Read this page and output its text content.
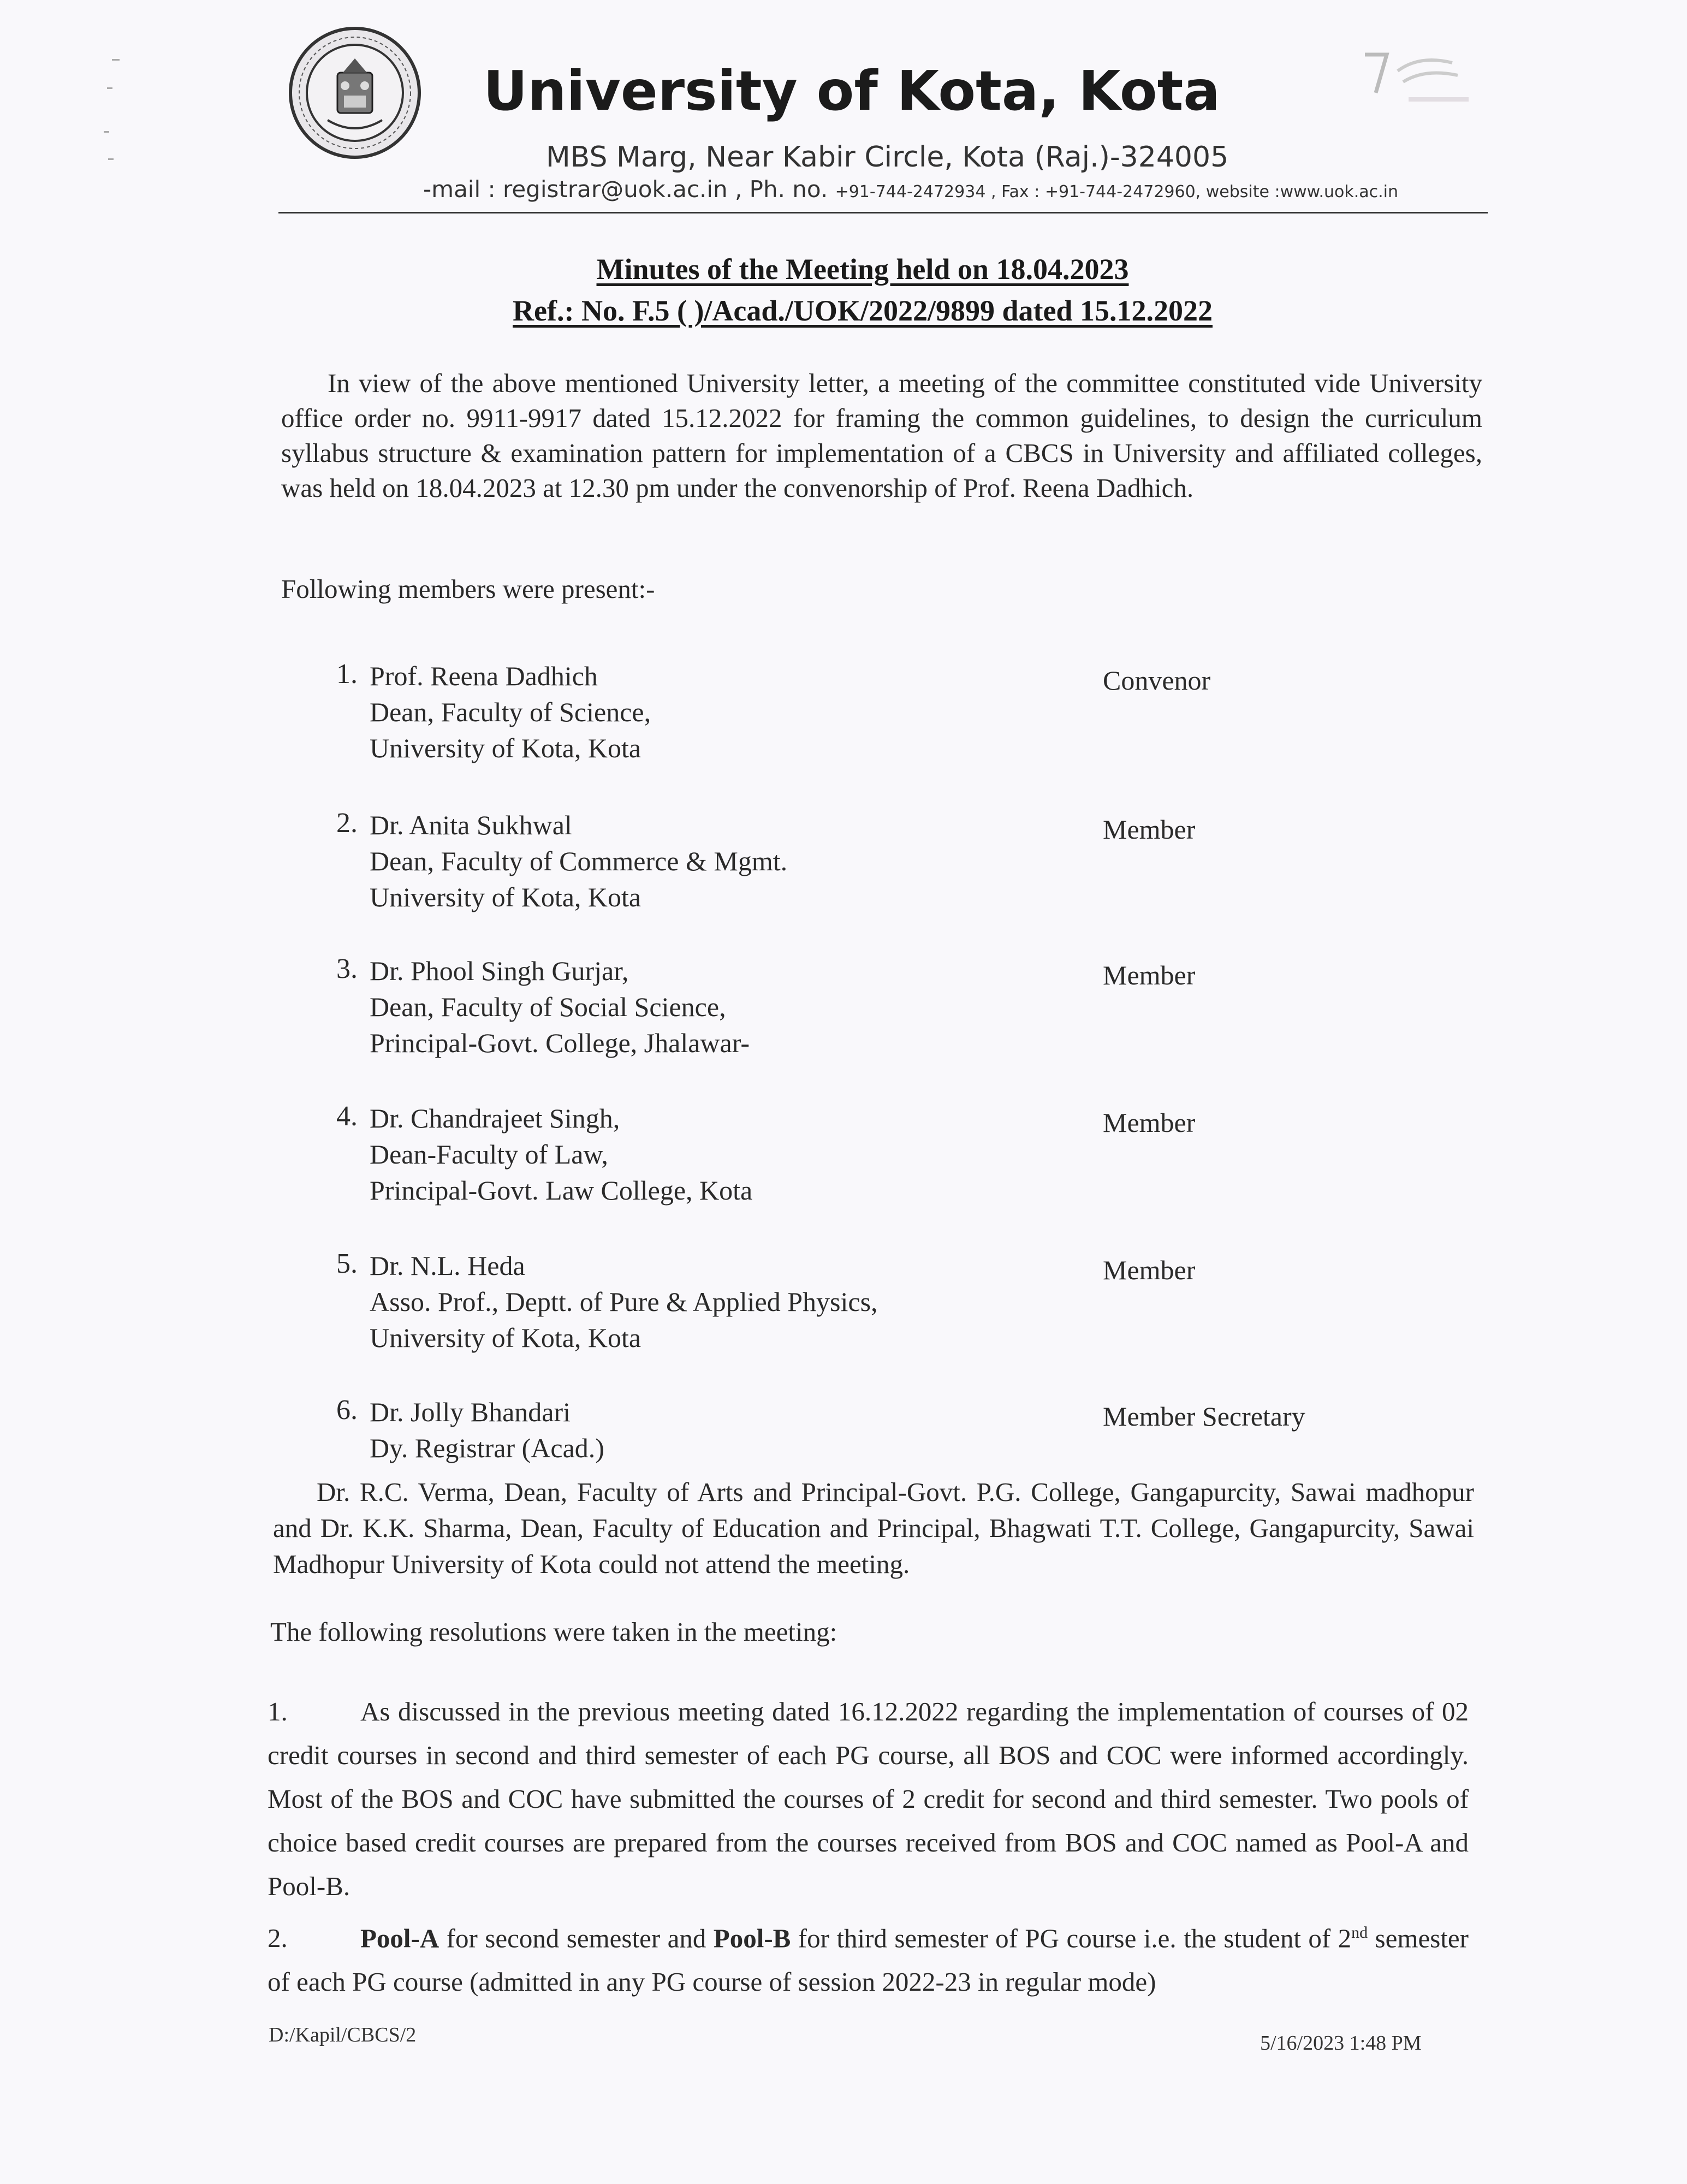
University of Kota, Kota
MBS Marg, Near Kabir Circle, Kota (Raj.)-324005
-mail : registrar@uok.ac.in , Ph. no. +91-744-2472934 , Fax : +91-744-2472960, website :www.uok.ac.in
Minutes of the Meeting held on 18.04.2023
Ref.: No. F.5 ( )/Acad./UOK/2022/9899 dated 15.12.2022
In view of the above mentioned University letter, a meeting of the committee constituted vide University office order no. 9911-9917 dated 15.12.2022 for framing the common guidelines, to design the curriculum syllabus structure & examination pattern for implementation of a CBCS in University and affiliated colleges, was held on 18.04.2023 at 12.30 pm under the convenorship of Prof. Reena Dadhich.
Following members were present:-
1. Prof. Reena Dadhich
Dean, Faculty of Science,
University of Kota, Kota
Convenor
2. Dr. Anita Sukhwal
Dean, Faculty of Commerce & Mgmt.
University of Kota, Kota
Member
3. Dr. Phool Singh Gurjar,
Dean, Faculty of Social Science,
Principal-Govt. College, Jhalawar-
Member
4. Dr. Chandrajeet Singh,
Dean-Faculty of Law,
Principal-Govt. Law College, Kota
Member
5. Dr. N.L. Heda
Asso. Prof., Deptt. of Pure & Applied Physics,
University of Kota, Kota
Member
6. Dr. Jolly Bhandari
Dy. Registrar (Acad.)
Member Secretary
Dr. R.C. Verma, Dean, Faculty of Arts and Principal-Govt. P.G. College, Gangapurcity, Sawai madhopur and Dr. K.K. Sharma, Dean, Faculty of Education and Principal, Bhagwati T.T. College, Gangapurcity, Sawai Madhopur University of Kota could not attend the meeting.
The following resolutions were taken in the meeting:
1.	As discussed in the previous meeting dated 16.12.2022 regarding the implementation of courses of 02 credit courses in second and third semester of each PG course, all BOS and COC were informed accordingly. Most of the BOS and COC have submitted the courses of 2 credit for second and third semester. Two pools of choice based credit courses are prepared from the courses received from BOS and COC named as Pool-A and Pool-B.
2.	Pool-A for second semester and Pool-B for third semester of PG course i.e. the student of 2nd semester of each PG course (admitted in any PG course of session 2022-23 in regular mode)
D:/Kapil/CBCS/2	5/16/2023 1:48 PM
